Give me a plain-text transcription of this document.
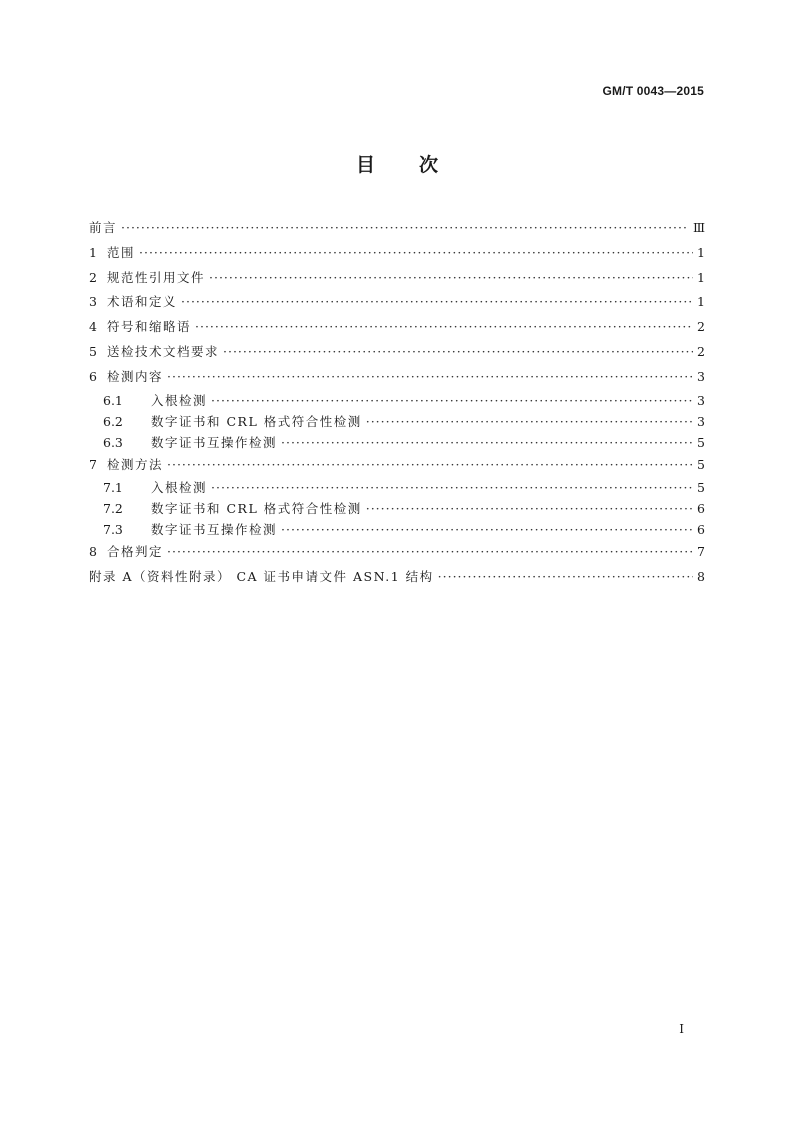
GM/T 0043—2015
目次
前言 ·····	Ⅲ
1 范围 ·····	1
2 规范性引用文件 ·····	1
3 术语和定义 ·····	1
4 符号和缩略语 ·····	2
5 送检技术文档要求 ·····	2
6 检测内容 ·····	3
6.1	入根检测 ·····	3
6.2	数字证书和 CRL 格式符合性检测 ·····	3
6.3	数字证书互操作检测 ·····	5
7 检测方法 ·····	5
7.1	入根检测 ·····	5
7.2	数字证书和 CRL 格式符合性检测 ·····	6
7.3	数字证书互操作检测 ·····	6
8 合格判定 ·····	7
附录 A（资料性附录） CA 证书申请文件 ASN.1 结构 ·····	8
I
